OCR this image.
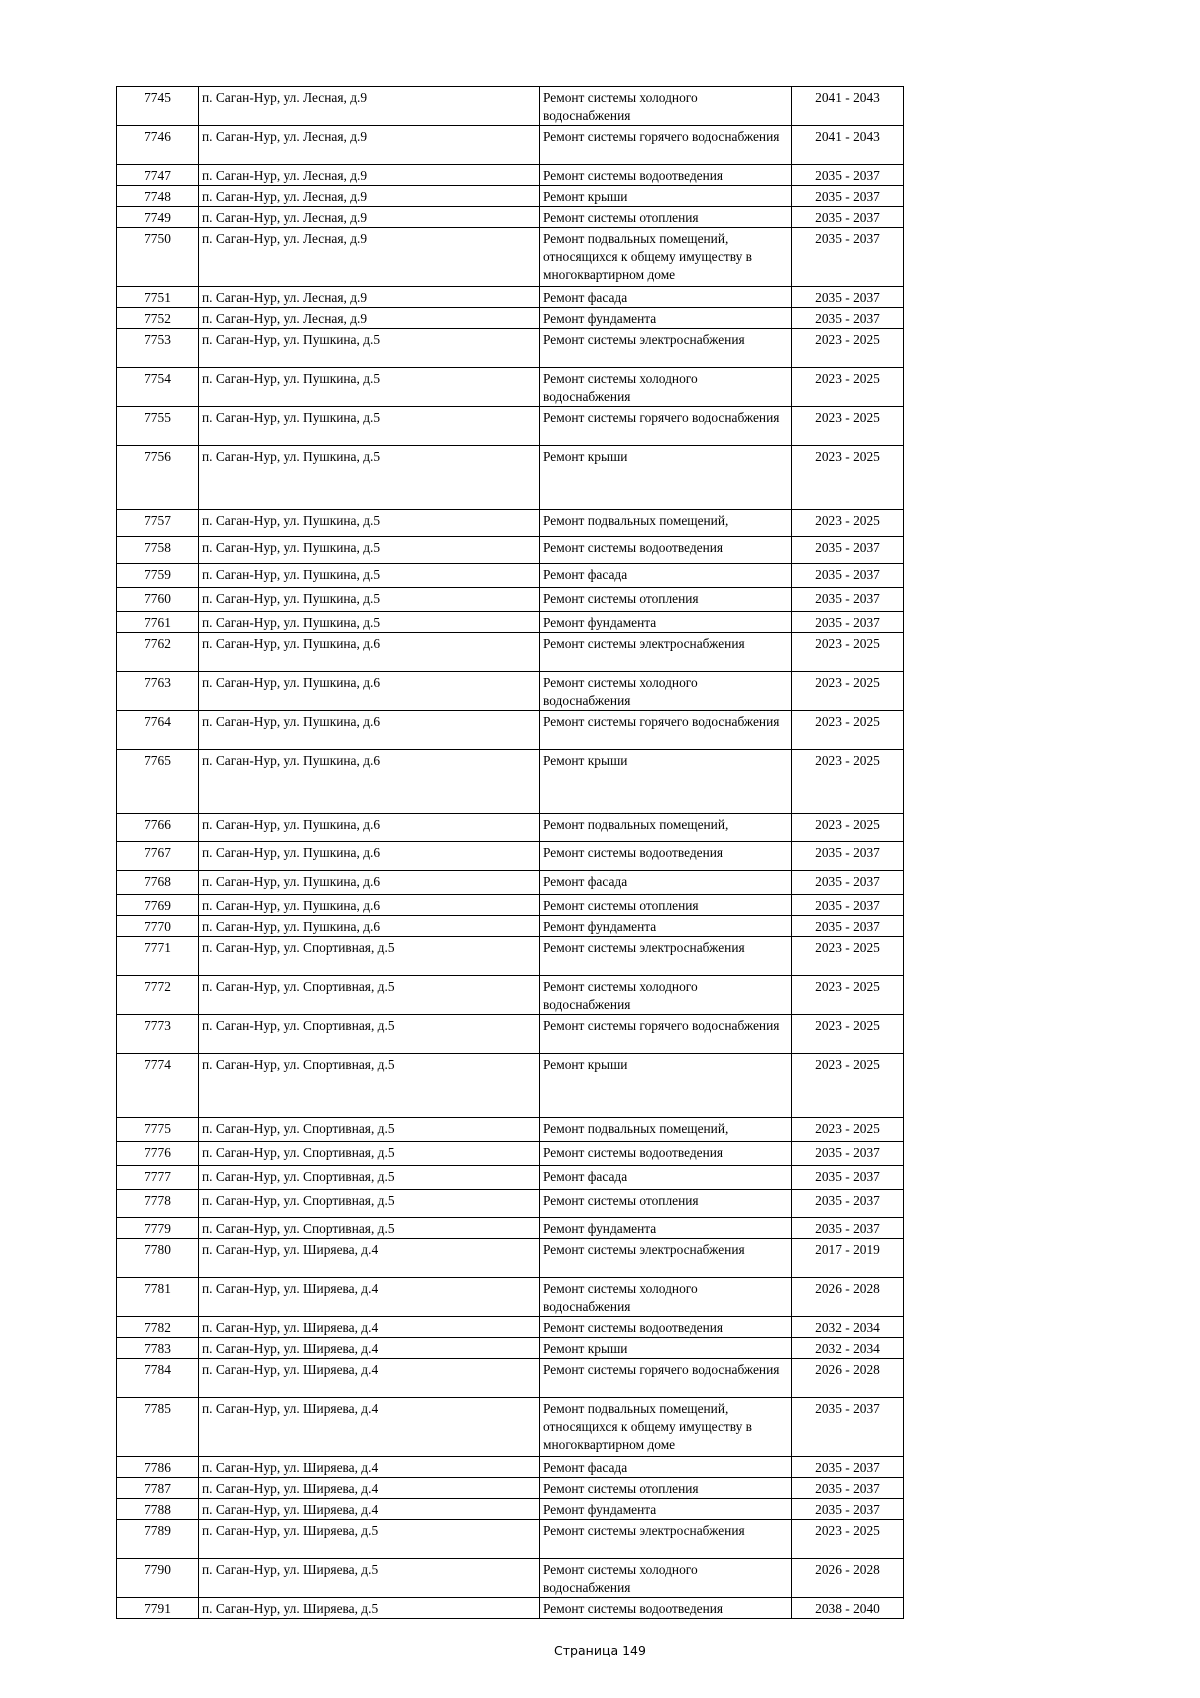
7745	п. Саган-Нур, ул. Лесная, д.9	Ремонт системы холодного водоснабжения	2041 - 2043
7746	п. Саган-Нур, ул. Лесная, д.9	Ремонт системы горячего водоснабжения	2041 - 2043
7747	п. Саган-Нур, ул. Лесная, д.9	Ремонт системы водоотведения	2035 - 2037
7748	п. Саган-Нур, ул. Лесная, д.9	Ремонт крыши	2035 - 2037
7749	п. Саган-Нур, ул. Лесная, д.9	Ремонт системы отопления	2035 - 2037
7750	п. Саган-Нур, ул. Лесная, д.9	Ремонт подвальных помещений, относящихся к общему имуществу в многоквартирном доме	2035 - 2037
7751	п. Саган-Нур, ул. Лесная, д.9	Ремонт фасада	2035 - 2037
7752	п. Саган-Нур, ул. Лесная, д.9	Ремонт фундамента	2035 - 2037
7753	п. Саган-Нур, ул. Пушкина, д.5	Ремонт системы электроснабжения	2023 - 2025
7754	п. Саган-Нур, ул. Пушкина, д.5	Ремонт системы холодного водоснабжения	2023 - 2025
7755	п. Саган-Нур, ул. Пушкина, д.5	Ремонт системы горячего водоснабжения	2023 - 2025
7756	п. Саган-Нур, ул. Пушкина, д.5	Ремонт крыши	2023 - 2025
7757	п. Саган-Нур, ул. Пушкина, д.5	Ремонт подвальных помещений,	2023 - 2025
7758	п. Саган-Нур, ул. Пушкина, д.5	Ремонт системы водоотведения	2035 - 2037
7759	п. Саган-Нур, ул. Пушкина, д.5	Ремонт фасада	2035 - 2037
7760	п. Саган-Нур, ул. Пушкина, д.5	Ремонт системы отопления	2035 - 2037
7761	п. Саган-Нур, ул. Пушкина, д.5	Ремонт фундамента	2035 - 2037
7762	п. Саган-Нур, ул. Пушкина, д.6	Ремонт системы электроснабжения	2023 - 2025
7763	п. Саган-Нур, ул. Пушкина, д.6	Ремонт системы холодного водоснабжения	2023 - 2025
7764	п. Саган-Нур, ул. Пушкина, д.6	Ремонт системы горячего водоснабжения	2023 - 2025
7765	п. Саган-Нур, ул. Пушкина, д.6	Ремонт крыши	2023 - 2025
7766	п. Саган-Нур, ул. Пушкина, д.6	Ремонт подвальных помещений,	2023 - 2025
7767	п. Саган-Нур, ул. Пушкина, д.6	Ремонт системы водоотведения	2035 - 2037
7768	п. Саган-Нур, ул. Пушкина, д.6	Ремонт фасада	2035 - 2037
7769	п. Саган-Нур, ул. Пушкина, д.6	Ремонт системы отопления	2035 - 2037
7770	п. Саган-Нур, ул. Пушкина, д.6	Ремонт фундамента	2035 - 2037
7771	п. Саган-Нур, ул. Спортивная, д.5	Ремонт системы электроснабжения	2023 - 2025
7772	п. Саган-Нур, ул. Спортивная, д.5	Ремонт системы холодного водоснабжения	2023 - 2025
7773	п. Саган-Нур, ул. Спортивная, д.5	Ремонт системы горячего водоснабжения	2023 - 2025
7774	п. Саган-Нур, ул. Спортивная, д.5	Ремонт крыши	2023 - 2025
7775	п. Саган-Нур, ул. Спортивная, д.5	Ремонт подвальных помещений,	2023 - 2025
7776	п. Саган-Нур, ул. Спортивная, д.5	Ремонт системы водоотведения	2035 - 2037
7777	п. Саган-Нур, ул. Спортивная, д.5	Ремонт фасада	2035 - 2037
7778	п. Саган-Нур, ул. Спортивная, д.5	Ремонт системы отопления	2035 - 2037
7779	п. Саган-Нур, ул. Спортивная, д.5	Ремонт фундамента	2035 - 2037
7780	п. Саган-Нур, ул. Ширяева, д.4	Ремонт системы электроснабжения	2017 - 2019
7781	п. Саган-Нур, ул. Ширяева, д.4	Ремонт системы холодного водоснабжения	2026 - 2028
7782	п. Саган-Нур, ул. Ширяева, д.4	Ремонт системы водоотведения	2032 - 2034
7783	п. Саган-Нур, ул. Ширяева, д.4	Ремонт крыши	2032 - 2034
7784	п. Саган-Нур, ул. Ширяева, д.4	Ремонт системы горячего водоснабжения	2026 - 2028
7785	п. Саган-Нур, ул. Ширяева, д.4	Ремонт подвальных помещений, относящихся к общему имуществу в многоквартирном доме	2035 - 2037
7786	п. Саган-Нур, ул. Ширяева, д.4	Ремонт фасада	2035 - 2037
7787	п. Саган-Нур, ул. Ширяева, д.4	Ремонт системы отопления	2035 - 2037
7788	п. Саган-Нур, ул. Ширяева, д.4	Ремонт фундамента	2035 - 2037
7789	п. Саган-Нур, ул. Ширяева, д.5	Ремонт системы электроснабжения	2023 - 2025
7790	п. Саган-Нур, ул. Ширяева, д.5	Ремонт системы холодного водоснабжения	2026 - 2028
7791	п. Саган-Нур, ул. Ширяева, д.5	Ремонт системы водоотведения	2038 - 2040
Страница 149
